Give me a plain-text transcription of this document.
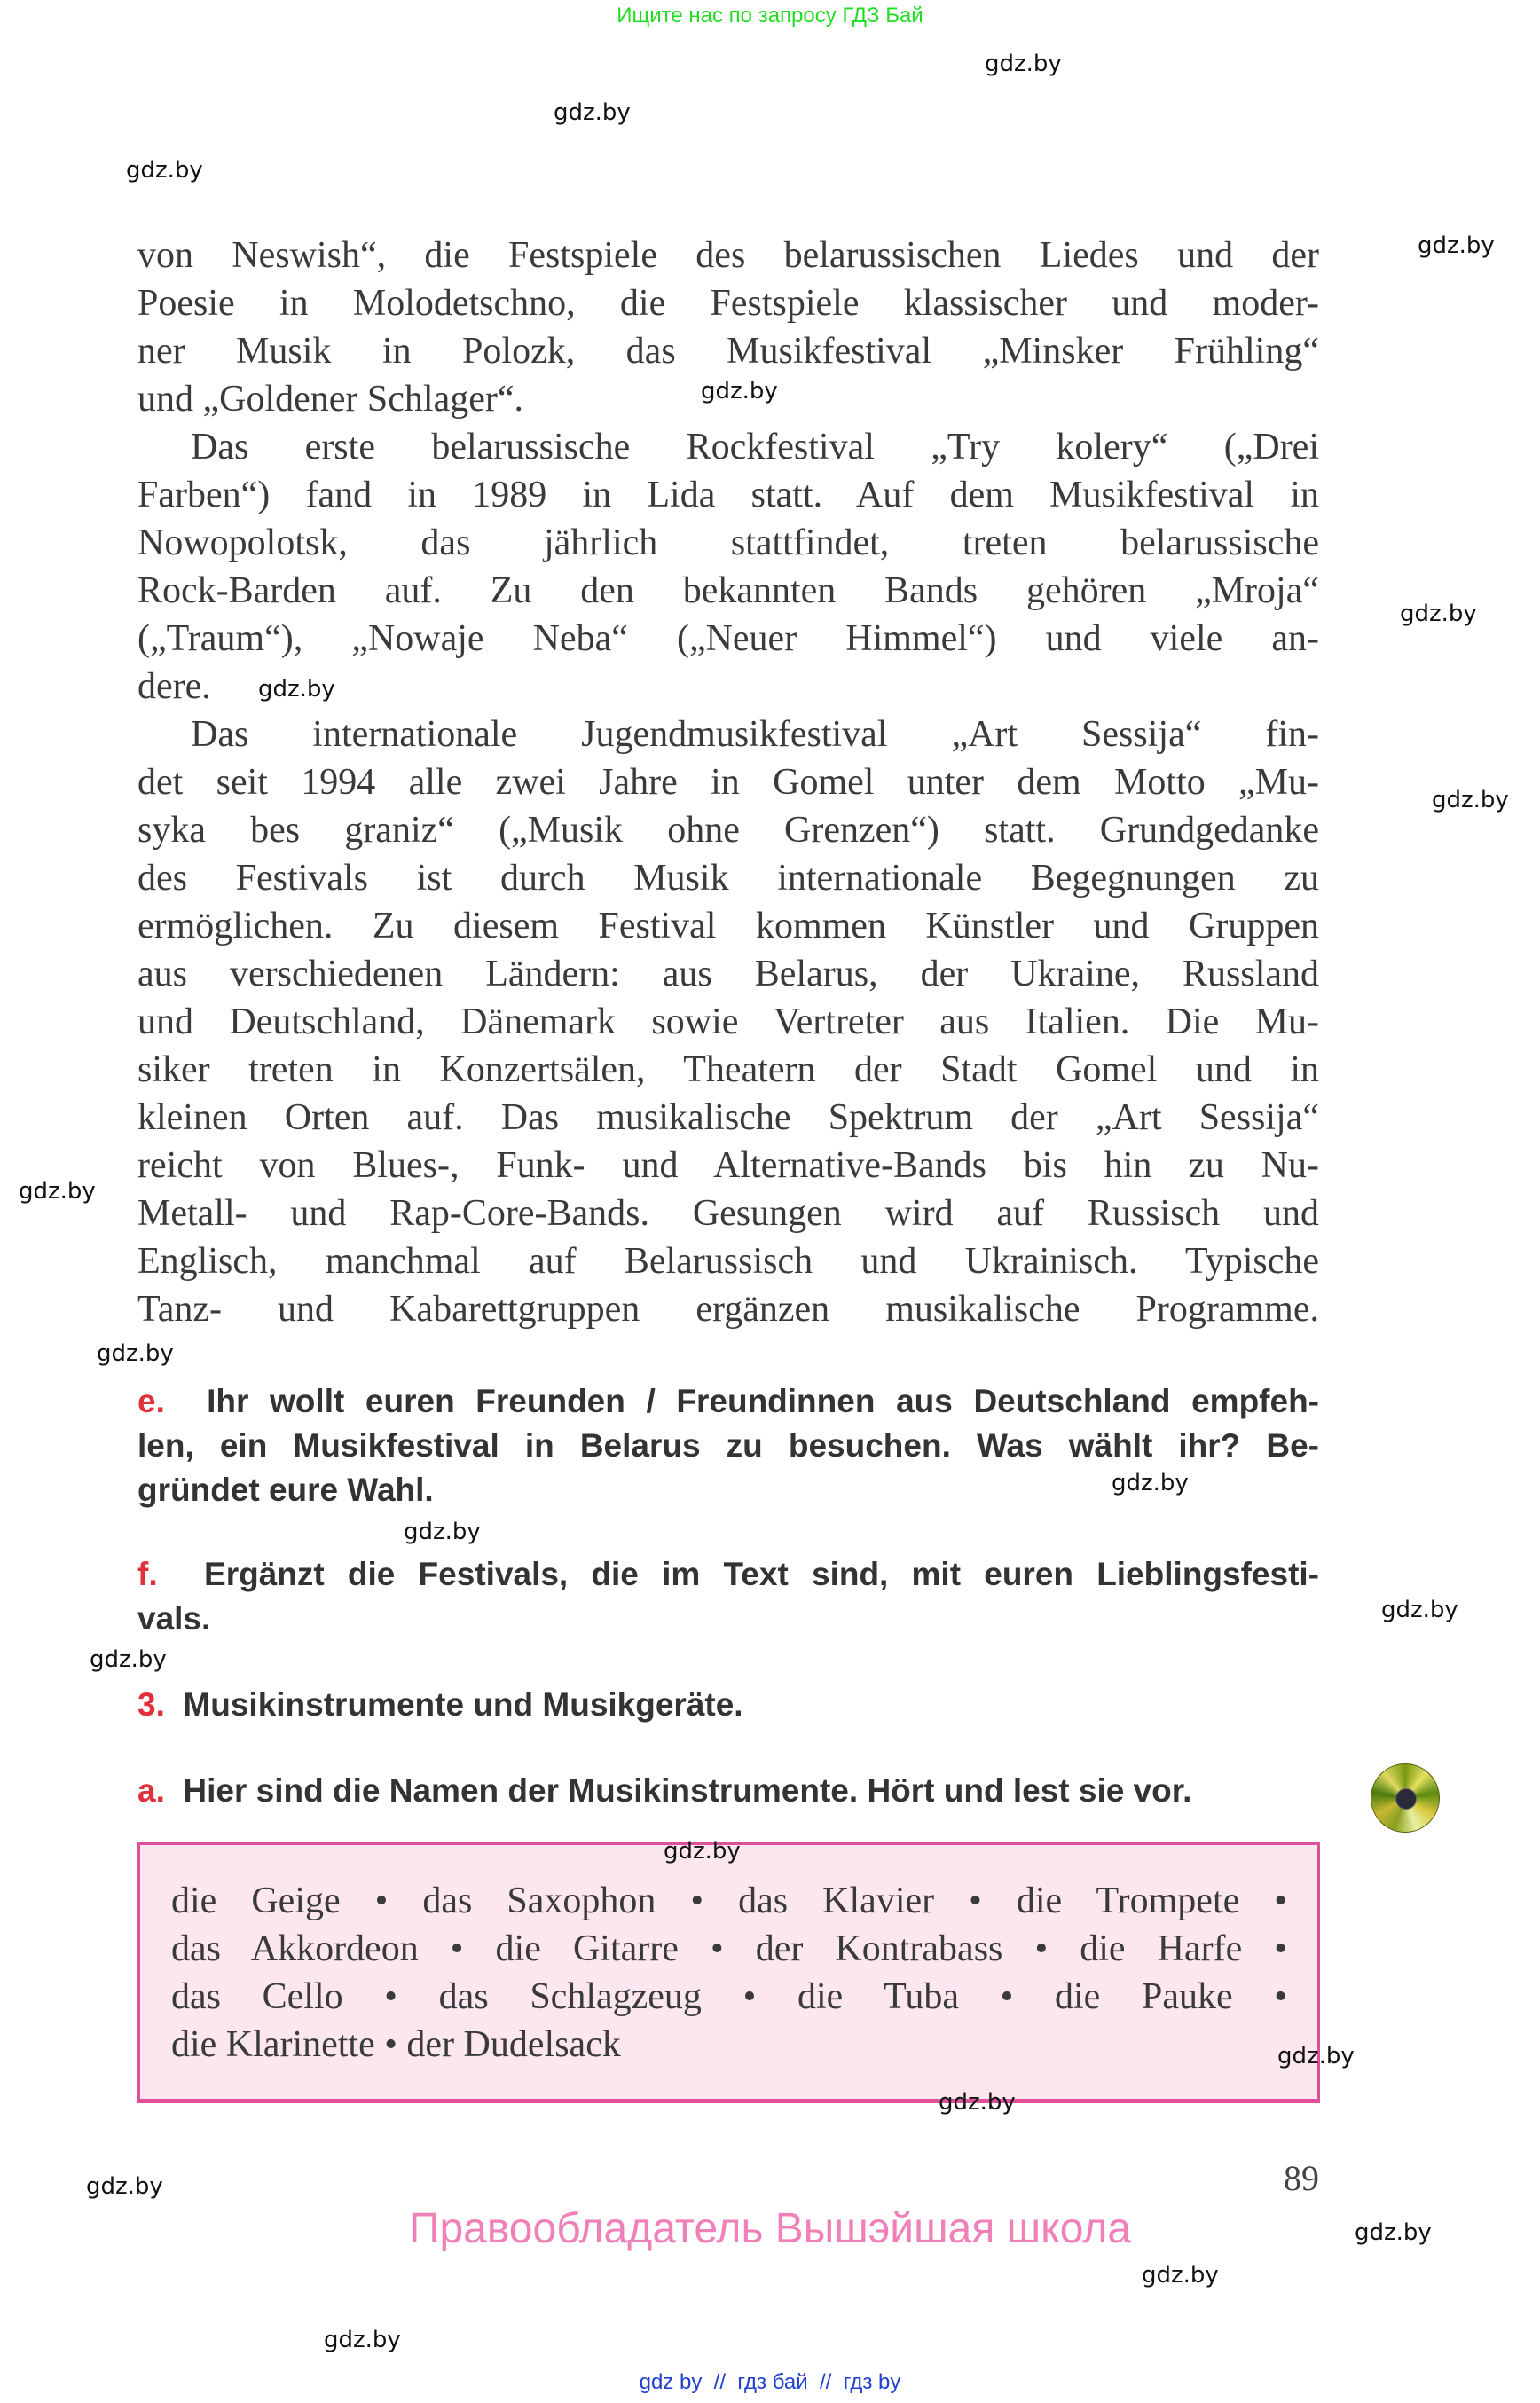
Ищите нас по запросу ГДЗ Бай
von Neswish“, die Festspiele des belarussischen Liedes und der
Poesie in Molodetschno, die Festspiele klassischer und moder-
ner Musik in Polozk, das Musikfestival „Minsker Frühling“
und „Goldener Schlager“.
Das erste belarussische Rockfestival „Try kolery“ („Drei
Farben“) fand in 1989 in Lida statt. Auf dem Musikfestival in
Nowopolotsk, das jährlich stattfindet, treten belarussische
Rock-Barden auf. Zu den bekannten Bands gehören „Mroja“
(„Traum“), „Nowaje Neba“ („Neuer Himmel“) und viele an-
dere.
Das internationale Jugendmusikfestival „Art Sessija“ fin-
det seit 1994 alle zwei Jahre in Gomel unter dem Motto „Mu-
syka bes graniz“ („Musik ohne Grenzen“) statt. Grundgedanke
des Festivals ist durch Musik internationale Begegnungen zu
ermöglichen. Zu diesem Festival kommen Künstler und Gruppen
aus verschiedenen Ländern: aus Belarus, der Ukraine, Russland
und Deutschland, Dänemark sowie Vertreter aus Italien. Die Mu-
siker treten in Konzertsälen, Theatern der Stadt Gomel und in
kleinen Orten auf. Das musikalische Spektrum der „Art Sessija“
reicht von Blues-, Funk- und Alternative-Bands bis hin zu Nu-
Metall- und Rap-Core-Bands. Gesungen wird auf Russisch und
Englisch, manchmal auf Belarussisch und Ukrainisch. Typische
Tanz- und Kabarettgruppen ergänzen musikalische Programme.
e. Ihr wollt euren Freunden / Freundinnen aus Deutschland empfeh-
len, ein Musikfestival in Belarus zu besuchen. Was wählt ihr? Be-
gründet eure Wahl.
f. Ergänzt die Festivals, die im Text sind, mit euren Lieblingsfesti-
vals.
3. Musikinstrumente und Musikgeräte.
a. Hier sind die Namen der Musikinstrumente. Hört und lest sie vor.
die Geige • das Saxophon • das Klavier • die Trompete •
das Akkordeon • die Gitarre • der Kontrabass • die Harfe •
das Cello • das Schlagzeug • die Tuba • die Pauke •
die Klarinette • der Dudelsack
89
Правообладатель Вышэйшая школа
gdz by  //  гдз бай  //  гдз by
gdz.by
gdz.by
gdz.by
gdz.by
gdz.by
gdz.by
gdz.by
gdz.by
gdz.by
gdz.by
gdz.by
gdz.by
gdz.by
gdz.by
gdz.by
gdz.by
gdz.by
gdz.by
gdz.by
gdz.by
gdz.by
